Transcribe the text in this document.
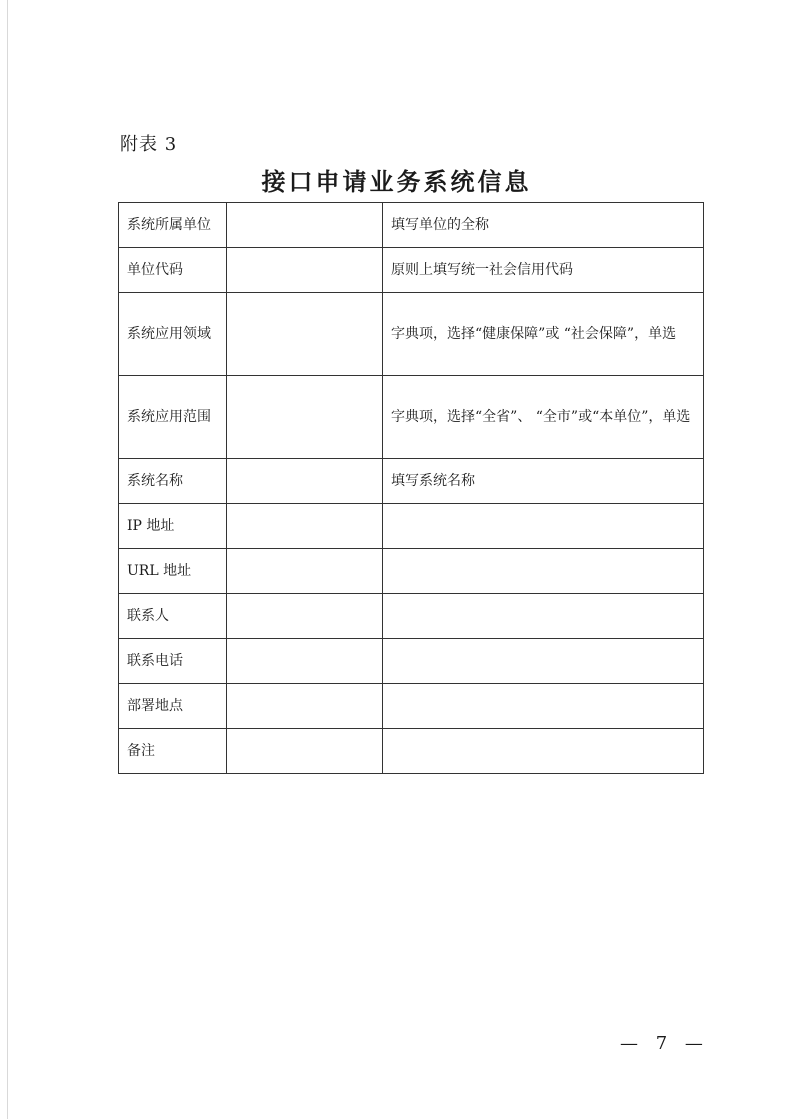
附表 3
接口申请业务系统信息
系统所属单位		填写单位的全称
单位代码		原则上填写统一社会信用代码
系统应用领域		字典项，选择“健康保障”或 “社会保障”，单选
系统应用范围		字典项，选择“全省”、 “全市”或“本单位”，单选
系统名称		填写系统名称
IP 地址		
URL 地址		
联系人		
联系电话		
部署地点		
备注		
— 7 —
